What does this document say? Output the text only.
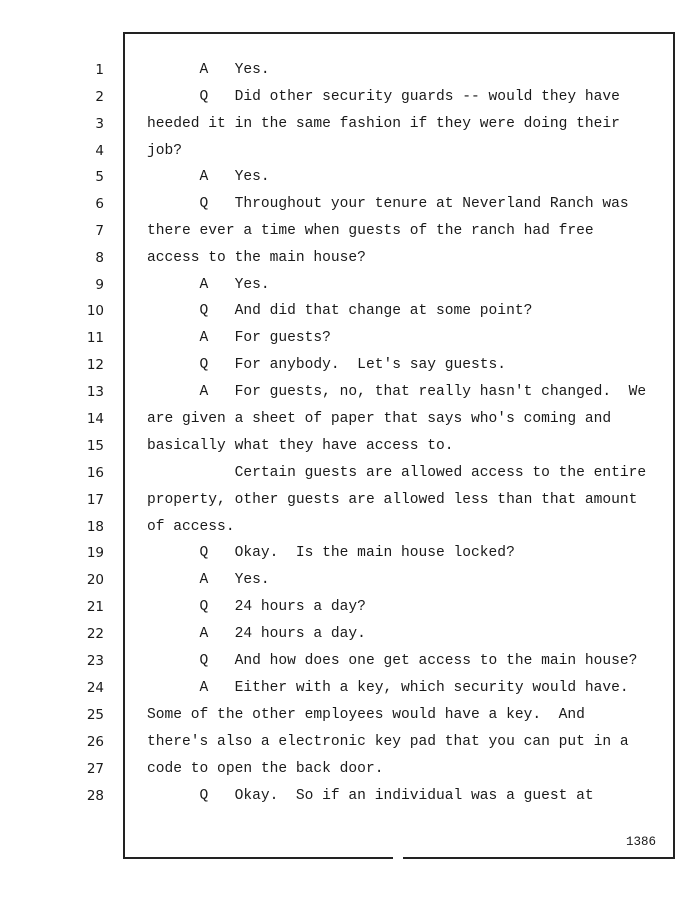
1	A   Yes.
2	Q   Did other security guards -- would they have
3	heeded it in the same fashion if they were doing their
4	job?
5	A   Yes.
6	Q   Throughout your tenure at Neverland Ranch was
7	there ever a time when guests of the ranch had free
8	access to the main house?
9	A   Yes.
10	Q   And did that change at some point?
11	A   For guests?
12	Q   For anybody.  Let's say guests.
13	A   For guests, no, that really hasn't changed.  We
14	are given a sheet of paper that says who's coming and
15	basically what they have access to.
16	Certain guests are allowed access to the entire
17	property, other guests are allowed less than that amount
18	of access.
19	Q   Okay.  Is the main house locked?
20	A   Yes.
21	Q   24 hours a day?
22	A   24 hours a day.
23	Q   And how does one get access to the main house?
24	A   Either with a key, which security would have.
25	Some of the other employees would have a key.  And
26	there's also a electronic key pad that you can put in a
27	code to open the back door.
28	Q   Okay.  So if an individual was a guest at
1386
